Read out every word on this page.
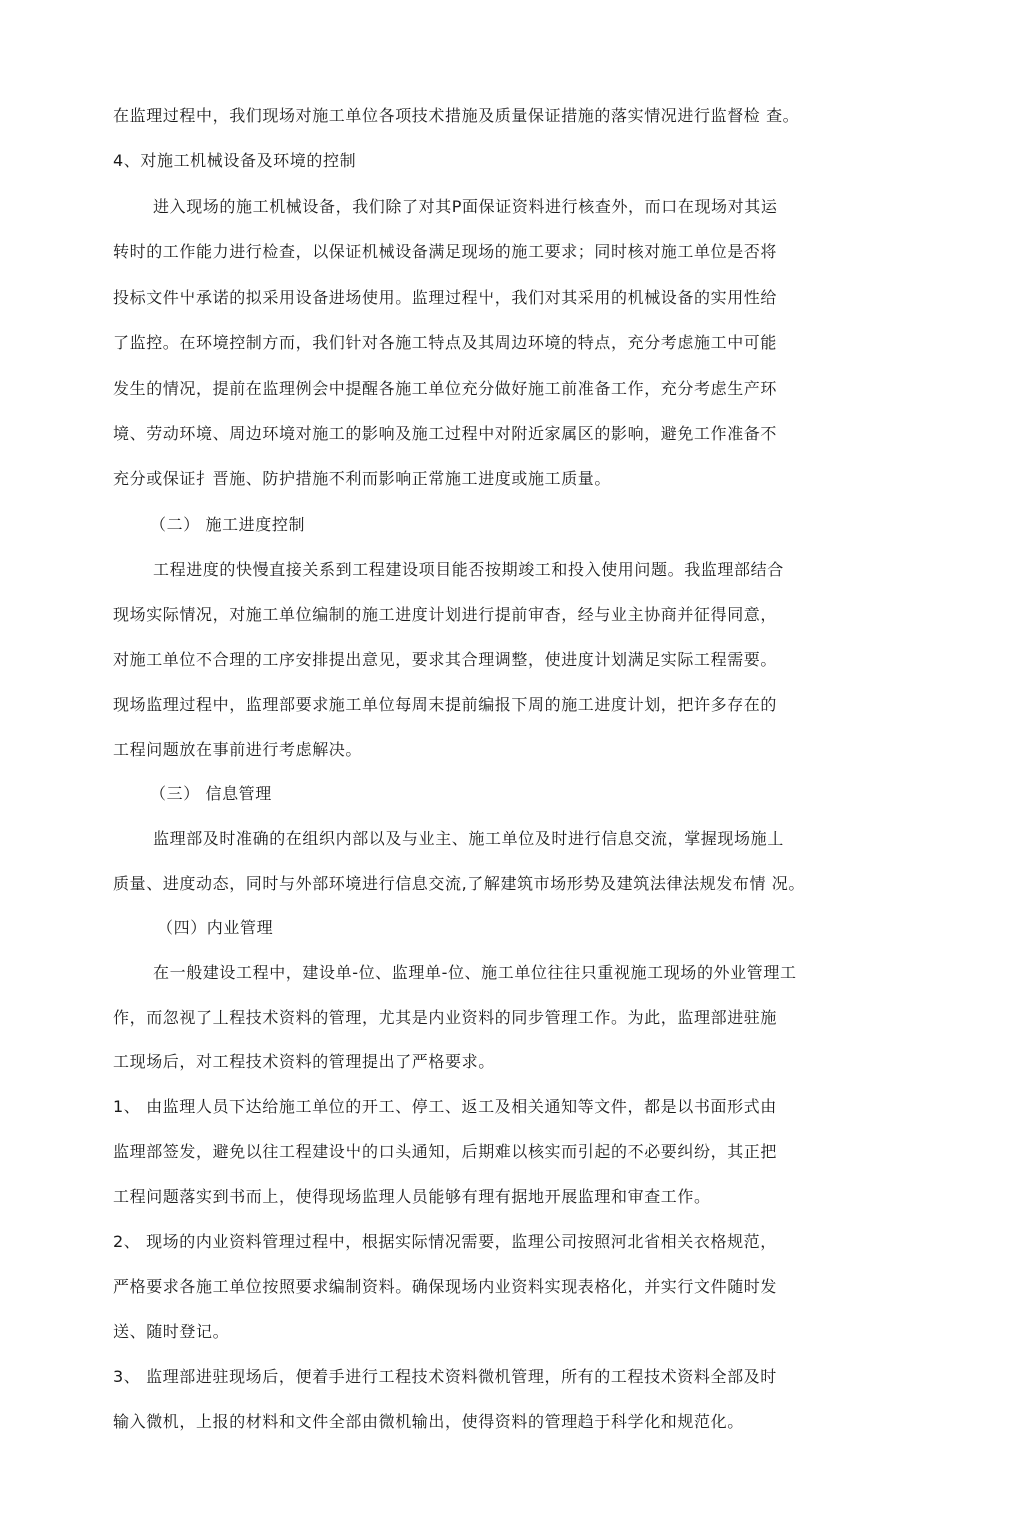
在监理过程中，我们现场对施工单位各项技术措施及质量保证措施的落实情况进行监督检 查。
4、对施工机械设备及环境的控制
进入现场的施工机械设备，我们除了对其P面保证资料进行核查外，而口在现场对其运
转时的工作能力进行检查，以保证机械设备满足现场的施工要求；同时核对施工单位是否将
投标文件屮承诺的拟采用设备进场使用。监理过程屮，我们对其采用的机械设备的实用性给
了监控。在环境控制方而，我们针对各施工特点及其周边环境的特点，充分考虑施工中可能
发生的情况，提前在监理例会中提醒各施工单位充分做好施工前准备工作，充分考虑生产环
境、劳动环境、周边环境对施工的影响及施工过程中对附近家属区的影响，避免工作准备不
充分或保证扌晋施、防护措施不利而影响正常施工进度或施工质量。
（二） 施工进度控制
工程进度的快慢直接关系到工程建设项目能否按期竣工和投入使用问题。我监理部结合
现场实际情况，对施工单位编制的施工进度计划进行提前审杳，经与业主协商并征得同意，
对施工单位不合理的工序安排提出意见，要求其合理调整，使进度计划满足实际工程需要。
现场监理过程中，监理部要求施工单位每周末提前编报下周的施工进度计划，把许多存在的
工程问题放在事前进行考虑解决。
（三） 信息管理
监理部及时准确的在组织内部以及与业主、施工单位及时进行信息交流，掌握现场施丄
质量、进度动态，同时与外部环境进行信息交流,了解建筑市场形势及建筑法律法规发布情 况。
（四）内业管理
在一般建设工程中，建设单-位、监理单-位、施工单位往往只重视施工现场的外业管理工
作，而忽视了丄程技术资料的管理，尤其是内业资料的同步管理工作。为此，监理部进驻施
工现场后，对工程技术资料的管理提出了严格要求。
1、 由监理人员下达给施工单位的开工、停工、返工及相关通知等文件，都是以书面形式由
监理部签发，避免以往工程建设屮的口头通知，后期难以核实而引起的不必要纠纷，其正把
工程问题落实到书而上，使得现场监理人员能够有理有据地开展监理和审查工作。
2、 现场的内业资料管理过程中，根据实际情况需要，监理公司按照河北省相关衣格规范，
严格要求各施工单位按照要求编制资料。确保现场内业资料实现表格化，并实行文件随时发
送、随时登记。
3、 监理部进驻现场后，便着手进行工程技术资料微机管理，所有的工程技术资料全部及时
输入微机，上报的材料和文件全部由微机输出，使得资料的管理趋于科学化和规范化。
